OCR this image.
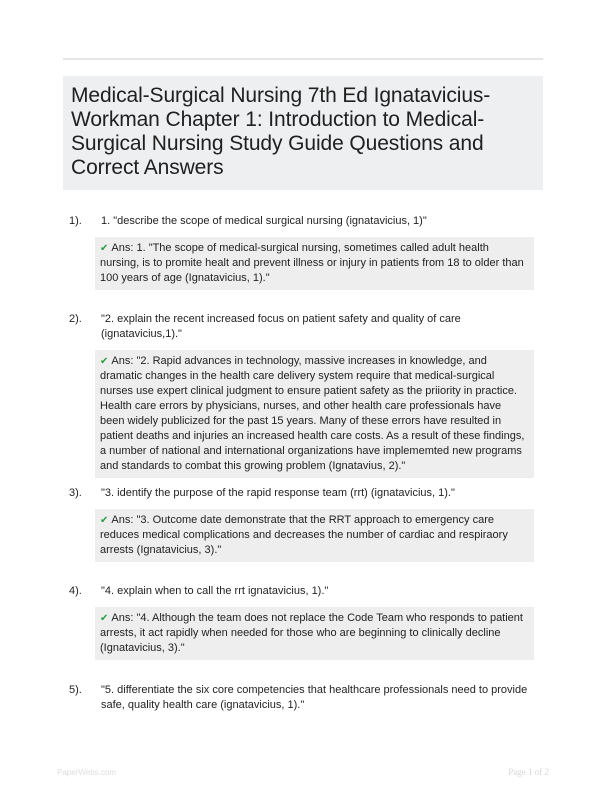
Medical-Surgical Nursing 7th Ed Ignatavicius-Workman Chapter 1: Introduction to Medical-Surgical Nursing Study Guide Questions and Correct Answers
1).	1. "describe the scope of medical surgical nursing (ignatavicius, 1)"
✔ Ans: 1. "The scope of medical-surgical nursing, sometimes called adult health nursing, is to promite healt and prevent illness or injury in patients from 18 to older than 100 years of age (Ignatavicius, 1)."
2).	"2. explain the recent increased focus on patient safety and quality of care (ignatavicius,1)."
✔ Ans: "2. Rapid advances in technology, massive increases in knowledge, and dramatic changes in the health care delivery system require that medical-surgical nurses use expert clinical judgment to ensure patient safety as the priiority in practice. Health care errors by physicians, nurses, and other health care professionals have been widely publicized for the past 15 years. Many of these errors have resulted in patient deaths and injuries an increased health care costs. As a result of these findings, a number of national and international organizations have implememted new programs and standards to combat this growing problem (Ignatavius, 2)."
3).	"3. identify the purpose of the rapid response team (rrt) (ignatavicius, 1)."
✔ Ans: "3. Outcome date demonstrate that the RRT approach to emergency care reduces medical complications and decreases the number of cardiac and respiraory arrests (Ignatavicius, 3)."
4).	"4. explain when to call the rrt ignatavicius, 1)."
✔ Ans: "4. Although the team does not replace the Code Team who responds to patient arrests, it act rapidly when needed for those who are beginning to clinically decline (Ignatavicius, 3)."
5).	"5. differentiate the six core competencies that healthcare professionals need to provide safe, quality health care (ignatavicius, 1)."
PaperWebs.com	Page 1 of 2
